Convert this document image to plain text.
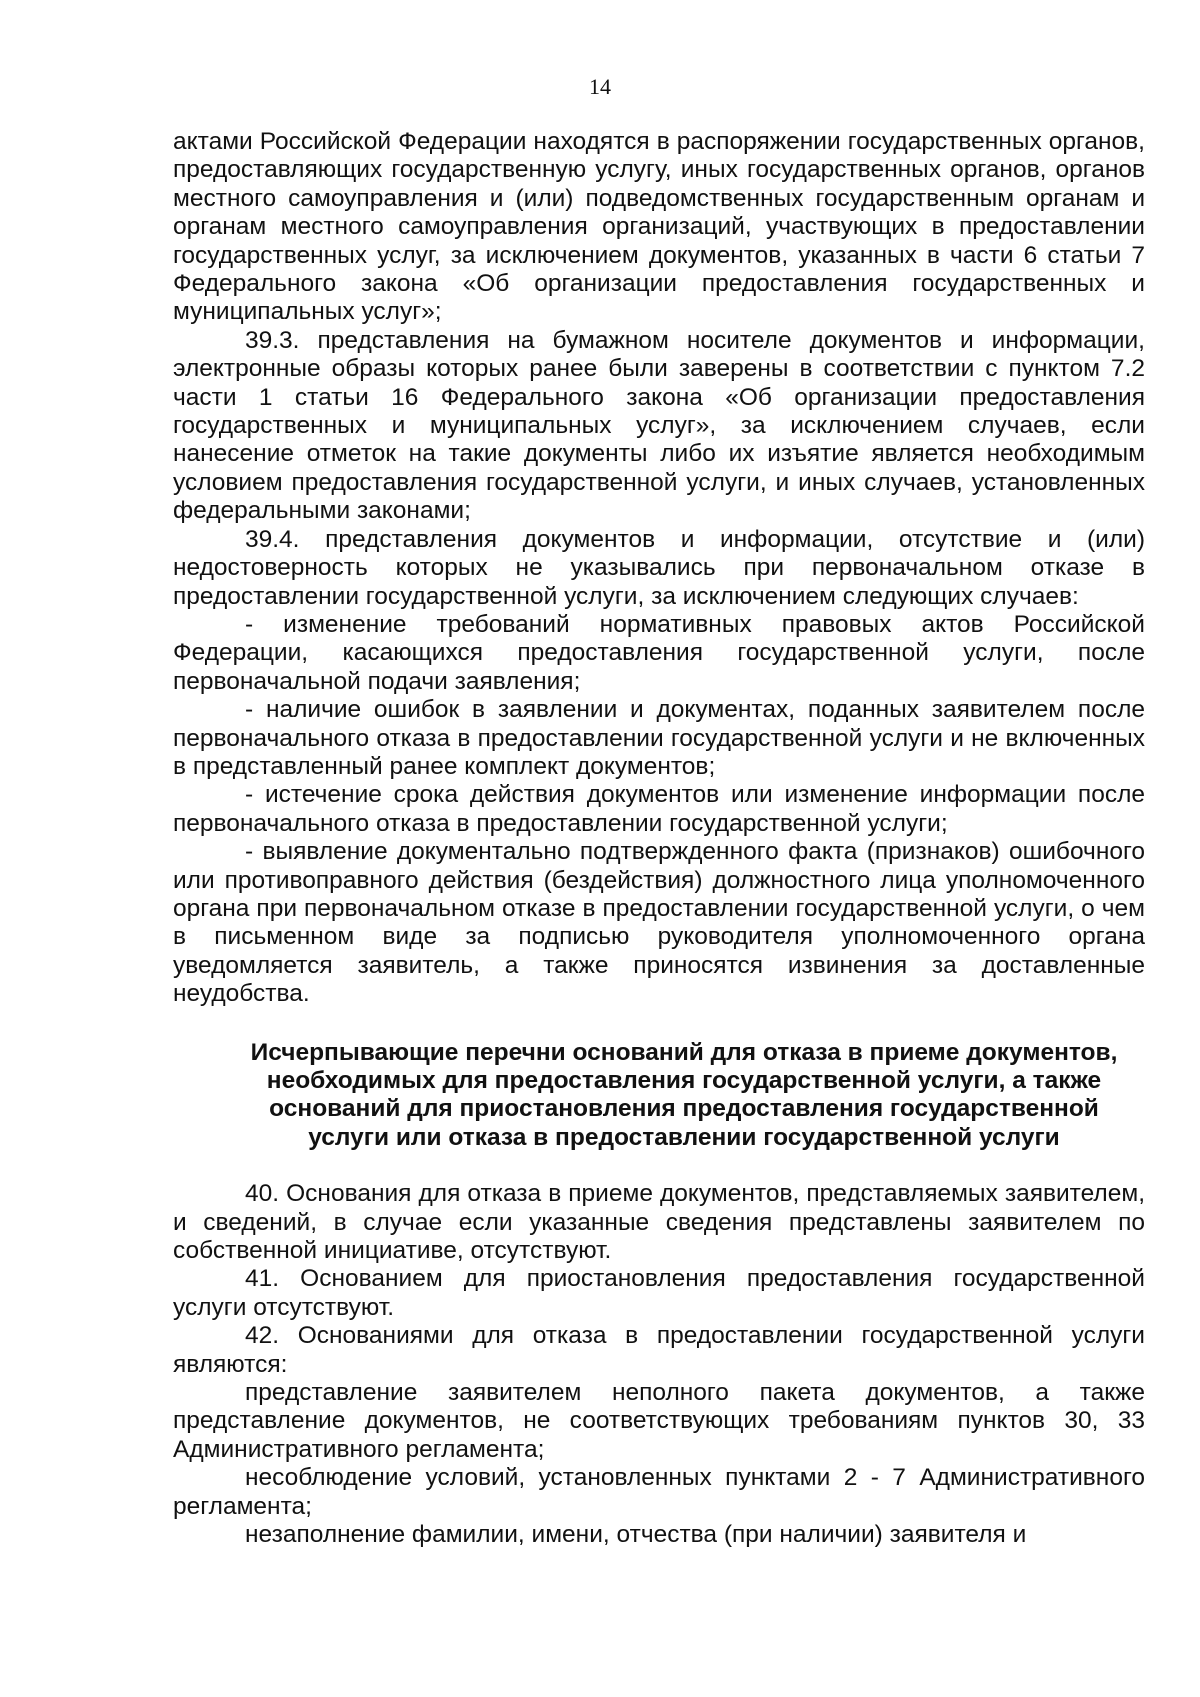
14

актами Российской Федерации находятся в распоряжении государственных органов, предоставляющих государственную услугу, иных государственных органов, органов местного самоуправления и (или) подведомственных государственным органам и органам местного самоуправления организаций, участвующих в предоставлении государственных услуг, за исключением документов, указанных в части 6 статьи 7 Федерального закона «Об организации предоставления государственных и муниципальных услуг»;

39.3. представления на бумажном носителе документов и информации, электронные образы которых ранее были заверены в соответствии с пунктом 7.2 части 1 статьи 16 Федерального закона «Об организации предоставления государственных и муниципальных услуг», за исключением случаев, если нанесение отметок на такие документы либо их изъятие является необходимым условием предоставления государственной услуги, и иных случаев, установленных федеральными законами;

39.4. представления документов и информации, отсутствие и (или) недостоверность которых не указывались при первоначальном отказе в предоставлении государственной услуги, за исключением следующих случаев:

- изменение требований нормативных правовых актов Российской Федерации, касающихся предоставления государственной услуги, после первоначальной подачи заявления;

- наличие ошибок в заявлении и документах, поданных заявителем после первоначального отказа в предоставлении государственной услуги и не включенных в представленный ранее комплект документов;

- истечение срока действия документов или изменение информации после первоначального отказа в предоставлении государственной услуги;

- выявление документально подтвержденного факта (признаков) ошибочного или противоправного действия (бездействия) должностного лица уполномоченного органа при первоначальном отказе в предоставлении государственной услуги, о чем в письменном виде за подписью руководителя уполномоченного органа уведомляется заявитель, а также приносятся извинения за доставленные неудобства.

Исчерпывающие перечни оснований для отказа в приеме документов, необходимых для предоставления государственной услуги, а также оснований для приостановления предоставления государственной услуги или отказа в предоставлении государственной услуги

40. Основания для отказа в приеме документов, представляемых заявителем, и сведений, в случае если указанные сведения представлены заявителем по собственной инициативе, отсутствуют.

41. Основанием для приостановления предоставления государственной услуги отсутствуют.

42. Основаниями для отказа в предоставлении государственной услуги являются:

представление заявителем неполного пакета документов, а также представление документов, не соответствующих требованиям пунктов 30, 33 Административного регламента;

несоблюдение условий, установленных пунктами 2 - 7 Административного регламента;

незаполнение фамилии, имени, отчества (при наличии) заявителя и
